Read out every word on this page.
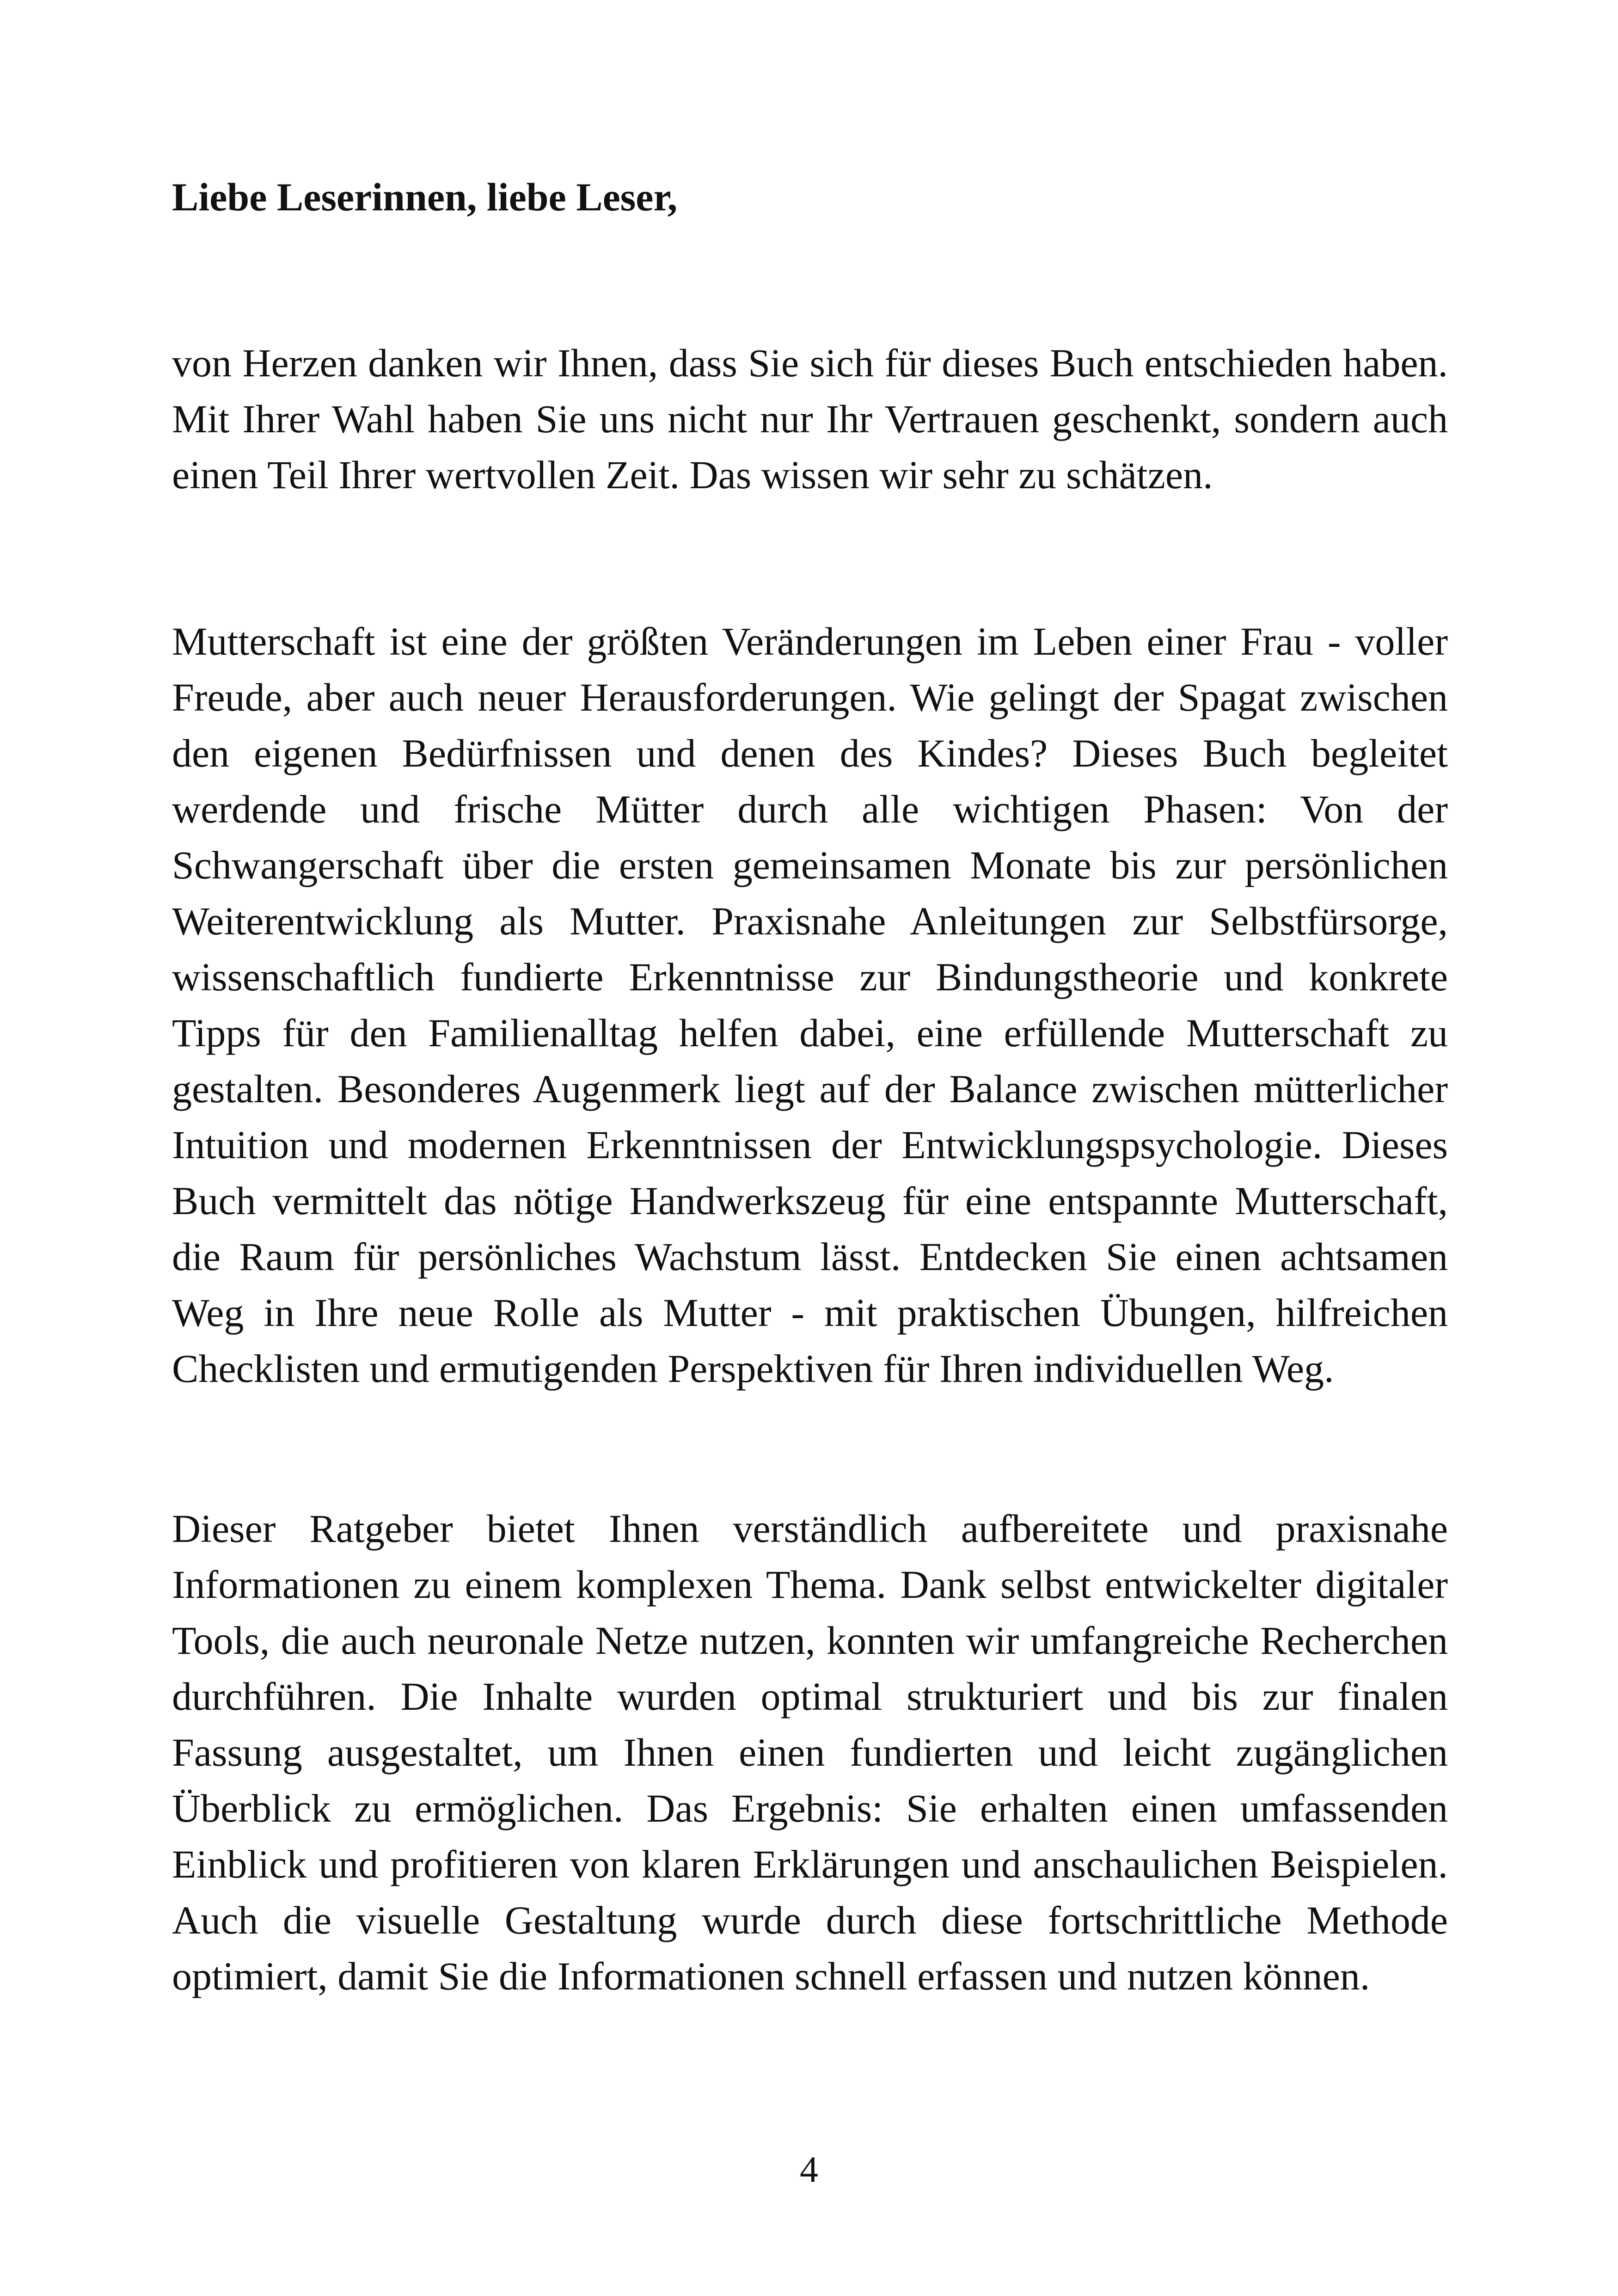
Liebe Leserinnen, liebe Leser,

von Herzen danken wir Ihnen, dass Sie sich für dieses Buch entschieden haben. Mit Ihrer Wahl haben Sie uns nicht nur Ihr Vertrauen geschenkt, sondern auch einen Teil Ihrer wertvollen Zeit. Das wissen wir sehr zu schätzen.

Mutterschaft ist eine der größten Veränderungen im Leben einer Frau - voller Freude, aber auch neuer Herausforderungen. Wie gelingt der Spagat zwischen den eigenen Bedürfnissen und denen des Kindes? Dieses Buch begleitet werdende und frische Mütter durch alle wichtigen Phasen: Von der Schwangerschaft über die ersten gemeinsamen Monate bis zur persönlichen Weiterentwicklung als Mutter. Praxisnahe Anleitungen zur Selbstfürsorge, wissenschaftlich fundierte Erkenntnisse zur Bindungstheorie und konkrete Tipps für den Familienalltag helfen dabei, eine erfüllende Mutterschaft zu gestalten. Besonderes Augenmerk liegt auf der Balance zwischen mütterlicher Intuition und modernen Erkenntnissen der Entwicklungspsychologie. Dieses Buch vermittelt das nötige Handwerkszeug für eine entspannte Mutterschaft, die Raum für persönliches Wachstum lässt. Entdecken Sie einen achtsamen Weg in Ihre neue Rolle als Mutter - mit praktischen Übungen, hilfreichen Checklisten und ermutigenden Perspektiven für Ihren individuellen Weg.

Dieser Ratgeber bietet Ihnen verständlich aufbereitete und praxisnahe Informationen zu einem komplexen Thema. Dank selbst entwickelter digitaler Tools, die auch neuronale Netze nutzen, konnten wir umfangreiche Recherchen durchführen. Die Inhalte wurden optimal strukturiert und bis zur finalen Fassung ausgestaltet, um Ihnen einen fundierten und leicht zugänglichen Überblick zu ermöglichen. Das Ergebnis: Sie erhalten einen umfassenden Einblick und profitieren von klaren Erklärungen und anschaulichen Beispielen. Auch die visuelle Gestaltung wurde durch diese fortschrittliche Methode optimiert, damit Sie die Informationen schnell erfassen und nutzen können.

4
